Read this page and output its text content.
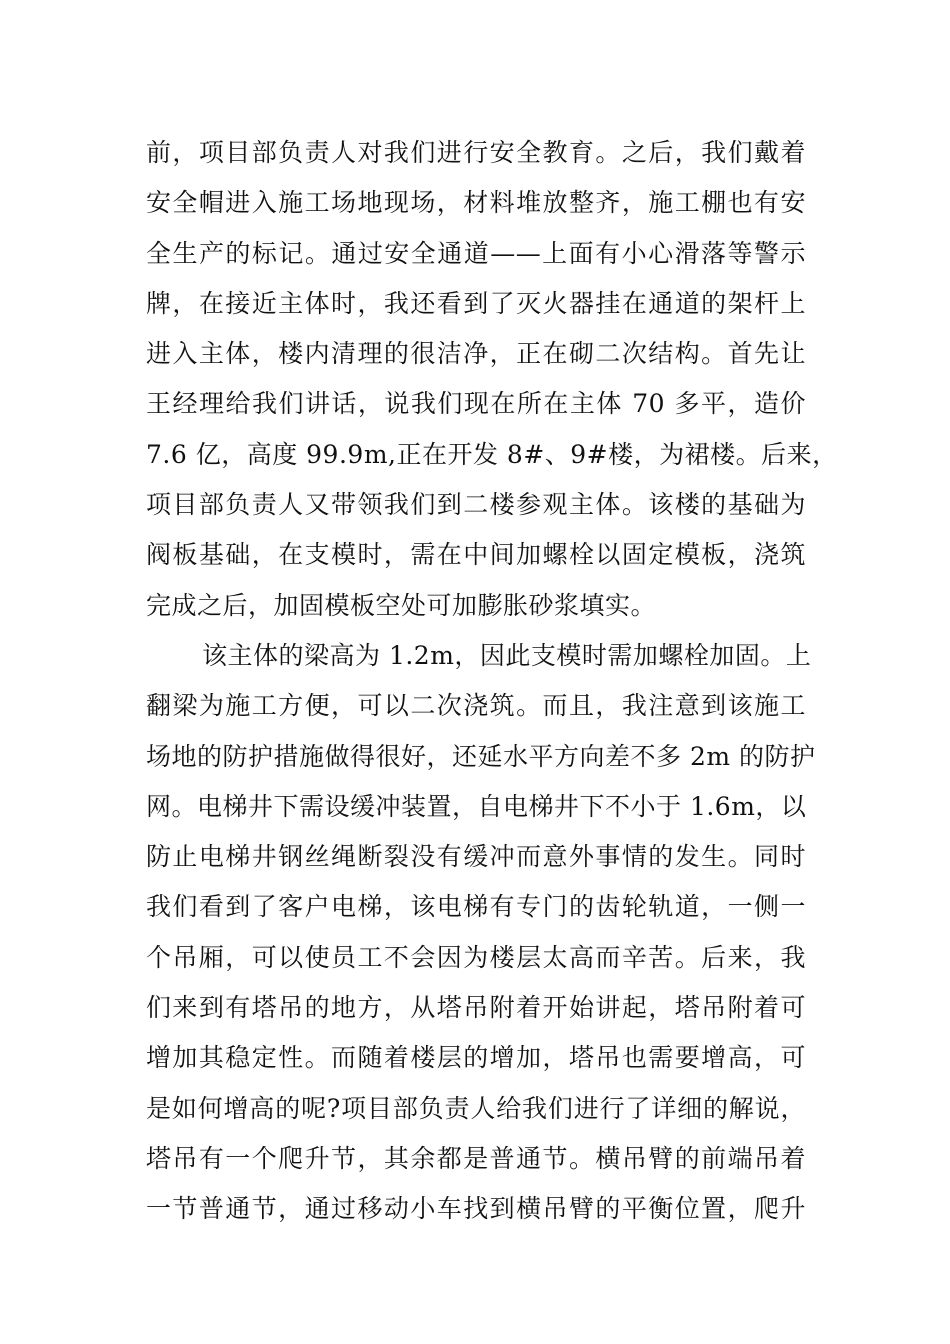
前，项目部负责人对我们进行安全教育。之后，我们戴着
安全帽进入施工场地现场，材料堆放整齐，施工棚也有安
全生产的标记。通过安全通道——上面有小心滑落等警示
牌，在接近主体时，我还看到了灭火器挂在通道的架杆上
进入主体，楼内清理的很洁净，正在砌二次结构。首先让
王经理给我们讲话，说我们现在所在主体 70 多平，造价
7.6 亿，高度 99.9m,正在开发 8#、9#楼，为裙楼。后来，
项目部负责人又带领我们到二楼参观主体。该楼的基础为
阀板基础，在支模时，需在中间加螺栓以固定模板，浇筑
完成之后，加固模板空处可加膨胀砂浆填实。
该主体的梁高为 1.2m，因此支模时需加螺栓加固。上
翻梁为施工方便，可以二次浇筑。而且，我注意到该施工
场地的防护措施做得很好，还延水平方向差不多 2m 的防护
网。电梯井下需设缓冲装置，自电梯井下不小于 1.6m，以
防止电梯井钢丝绳断裂没有缓冲而意外事情的发生。同时
我们看到了客户电梯，该电梯有专门的齿轮轨道，一侧一
个吊厢，可以使员工不会因为楼层太高而辛苦。后来，我
们来到有塔吊的地方，从塔吊附着开始讲起，塔吊附着可
增加其稳定性。而随着楼层的增加，塔吊也需要增高，可
是如何增高的呢?项目部负责人给我们进行了详细的解说，
塔吊有一个爬升节，其余都是普通节。横吊臂的前端吊着
一节普通节，通过移动小车找到横吊臂的平衡位置，爬升
